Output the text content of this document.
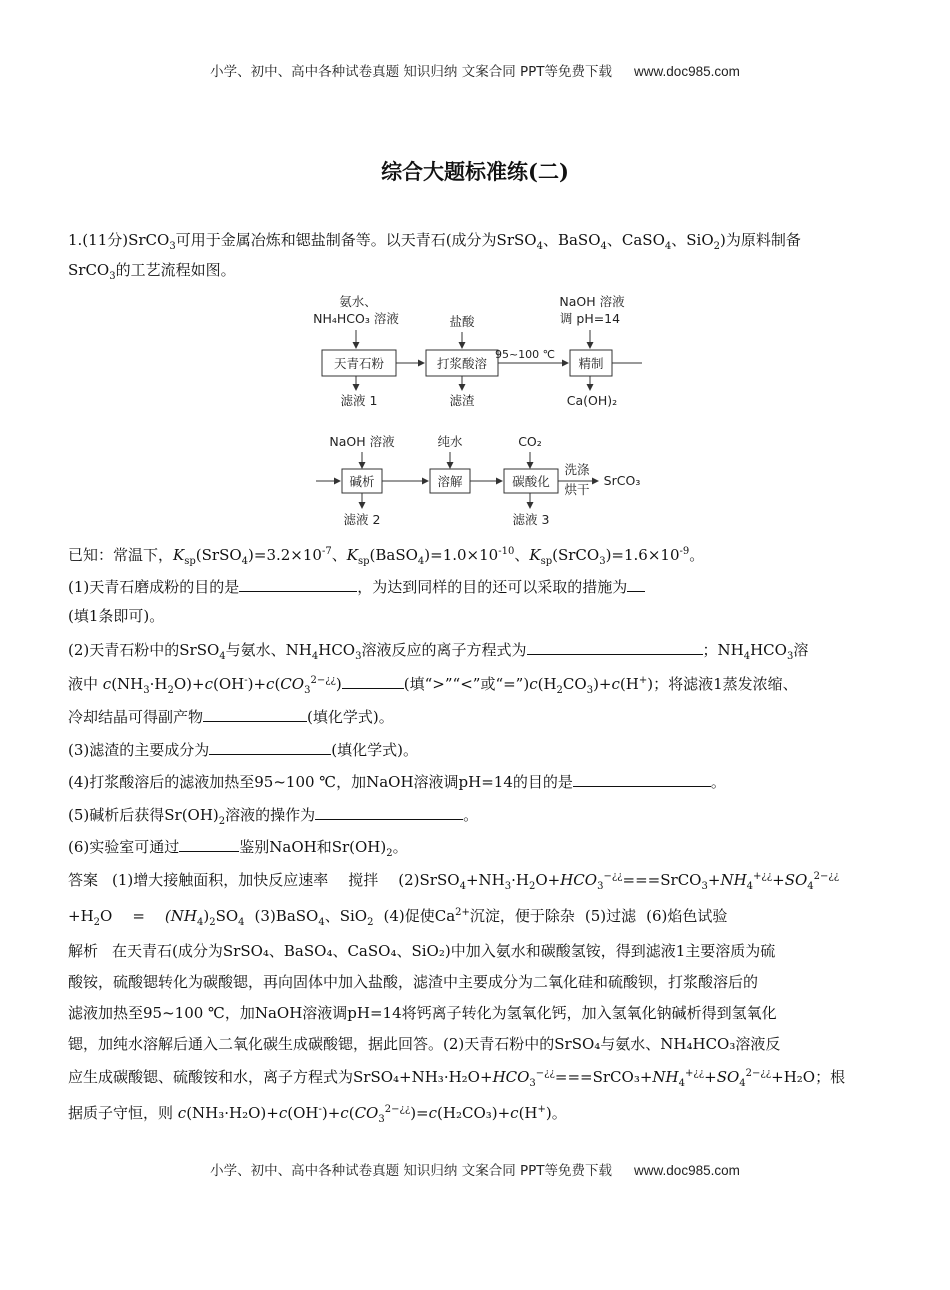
小学、初中、高中各种试卷真题 知识归纳 文案合同 PPT等免费下载 www.doc985.com
综合大题标准练(二)
1.(11分)SrCO$_3$可用于金属冶炼和锶盐制备等。以天青石(成分为SrSO$_4$、BaSO$_4$、CaSO$_4$、SiO$_2$)为原料制备
SrCO$_3$的工艺流程如图。
氨水、
NH₄HCO₃ 溶液	盐酸
NaOH 溶液
调 pH=14
天青石粉	打浆酸溶
95~100 ℃
精制
滤液 1	滤渣	Ca(OH)₂
NaOH 溶液	纯水	CO₂
碱析	溶解	碳酸化
洗涤
烘干
SrCO₃
滤液 2	滤液 3
已知：常温下，$K_{sp}(SrSO_4)=3.2\times 10^{-7}$、$K_{sp}(BaSO_4)=1.0\times 10^{-10}$、$K_{sp}(SrCO_3)=1.6\times 10^{-9}$。
(1)天青石磨成粉的目的是	，为达到同样的目的还可以采取的措施为
(填1条即可)。
(2)天青石粉中的SrSO$_4$与氨水、$NH_4HCO_3$溶液反应的离子方程式为	；$NH_4HCO_3$溶
液中 $c(NH_3\cdot H_2O)+c(OH^-)+c(CO_3^{2-¿¿})$	(填“>”“<”或“$=”)c(H_2CO_3)+c(H^+)$；将滤液1蒸发浓缩、
冷却结晶可得副产物	(填化学式)。
(3)滤渣的主要成分为	(填化学式)。
(4)打浆酸溶后的滤液加热至95~100 ℃，加NaOH溶液调pH=14的目的是	。
(5)碱析后获得$Sr(OH)_2$溶液的操作为	。
(6)实验室可通过	鉴别NaOH和$Sr(OH)_2$。
答案 (1)增大接触面积，加快反应速率 搅拌 $(2)SrSO_4+NH_3\cdot H_2O+HCO_3^{-¿¿}===SrCO_3+NH_4^{+¿¿}+SO_4^{2-¿¿}$
$+H_2O = (NH_4)_2SO_4$ (3)BaSO$_4$、SiO$_2$ (4)促使$Ca^{2+}$沉淀，便于除杂 (5)过滤 (6)焰色试验
解析 在天青石(成分为SrSO₄、BaSO₄、CaSO₄、SiO₂)中加入氨水和碳酸氢铵，得到滤液1主要溶质为硫
酸铵，硫酸锶转化为碳酸锶，再向固体中加入盐酸，滤渣中主要成分为二氧化硅和硫酸钡，打浆酸溶后的
滤液加热至95~100 ℃，加NaOH溶液调pH=14将钙离子转化为氢氧化钙，加入氢氧化钠碱析得到氢氧化
锶，加纯水溶解后通入二氧化碳生成碳酸锶，据此回答。(2)天青石粉中的SrSO₄与氨水、NH₄HCO₃溶液反
应生成碳酸锶、硫酸铵和水，离子方程式为$SrSO_4+NH_3\cdot H_2O+HCO_3^{-¿¿}===SrCO_3+NH_4^{+¿¿}+SO_4^{2-¿¿}+H_2O$；根
据质子守恒，则 $c(NH_3\cdot H_2O)+c(OH^-)+c(CO_3^{2-¿¿})=c(H_2CO_3)+c(H^+)$。
小学、初中、高中各种试卷真题 知识归纳 文案合同 PPT等免费下载 www.doc985.com
